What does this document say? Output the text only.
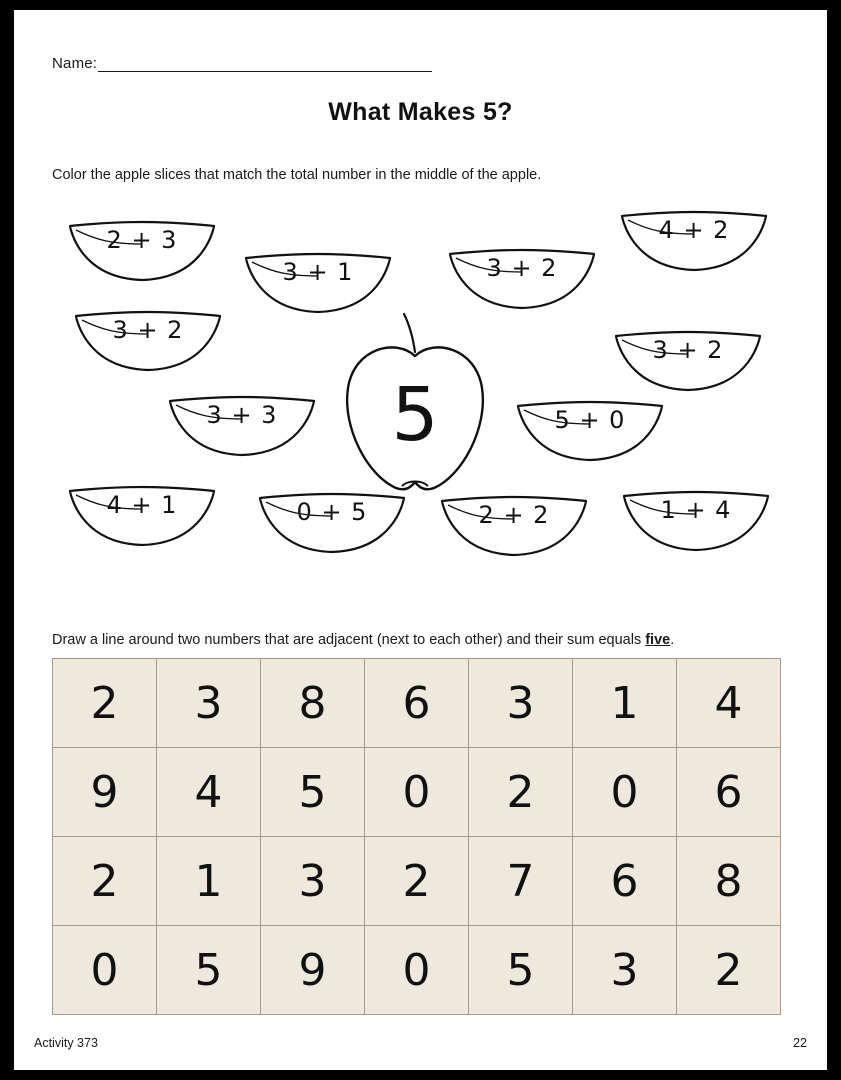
Name:
What Makes 5?
Color the apple slices that match the total number in the middle of the apple.
5
2 + 3
3 + 1	3 + 2
4 + 2
3 + 2
3 + 2
3 + 3	5 + 0
4 + 1	0 + 5	2 + 2	1 + 4
Draw a line around two numbers that are adjacent (next to each other) and their sum equals five.
2	3	8	6	3	1	4
9	4	5	0	2	0	6
2	1	3	2	7	6	8
0	5	9	0	5	3	2
Activity 373	22
